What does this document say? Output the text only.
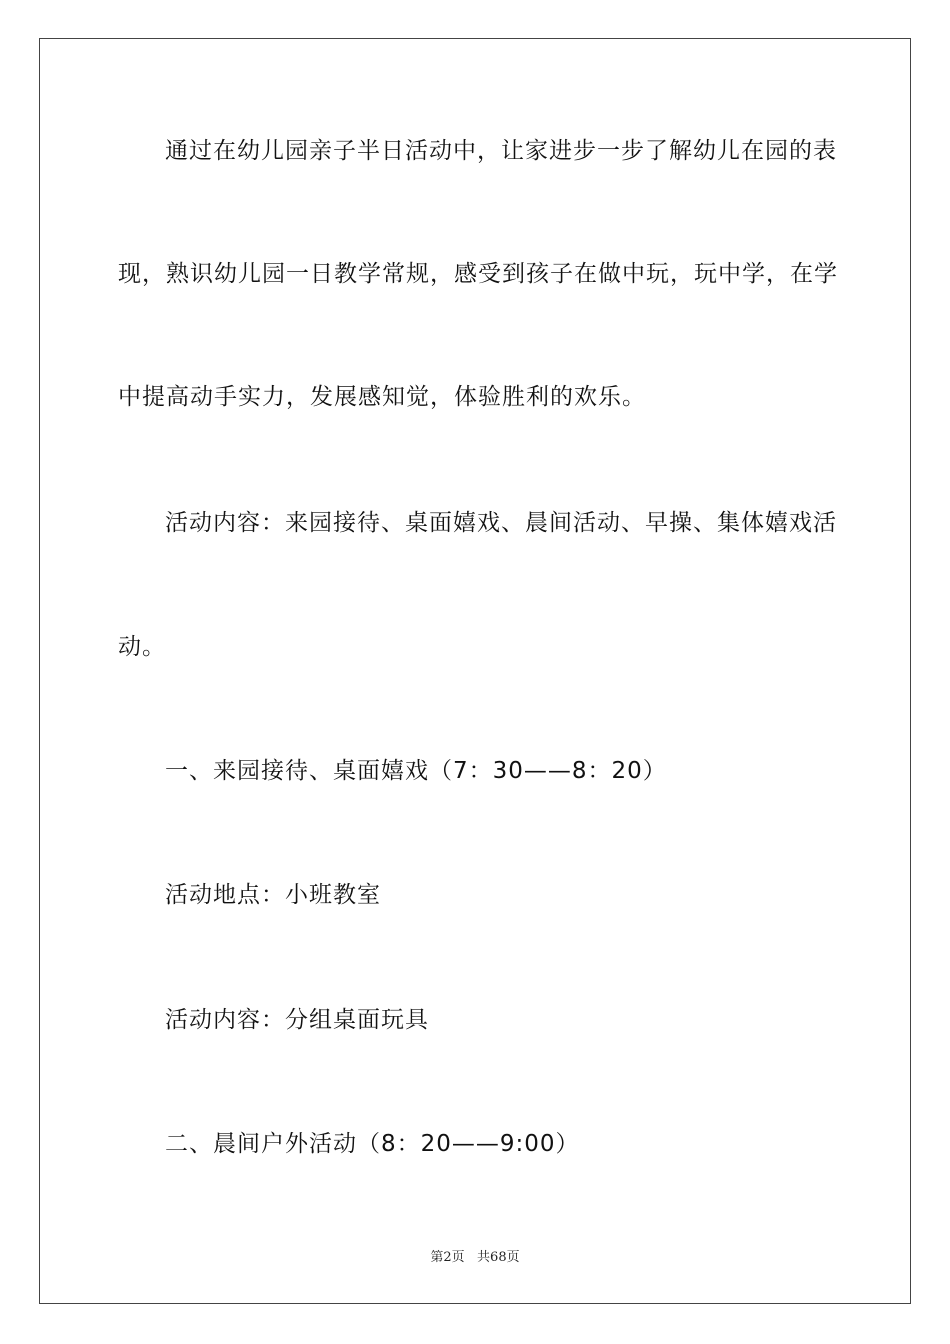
通过在幼儿园亲子半日活动中，让家进步一步了解幼儿在园的表
现，熟识幼儿园一日教学常规，感受到孩子在做中玩，玩中学，在学
中提高动手实力，发展感知觉，体验胜利的欢乐。
活动内容：来园接待、桌面嬉戏、晨间活动、早操、集体嬉戏活
动。
一、来园接待、桌面嬉戏（7：30——8：20）
活动地点：小班教室
活动内容：分组桌面玩具
二、晨间户外活动（8：20——9:00）
第2页   共68页
